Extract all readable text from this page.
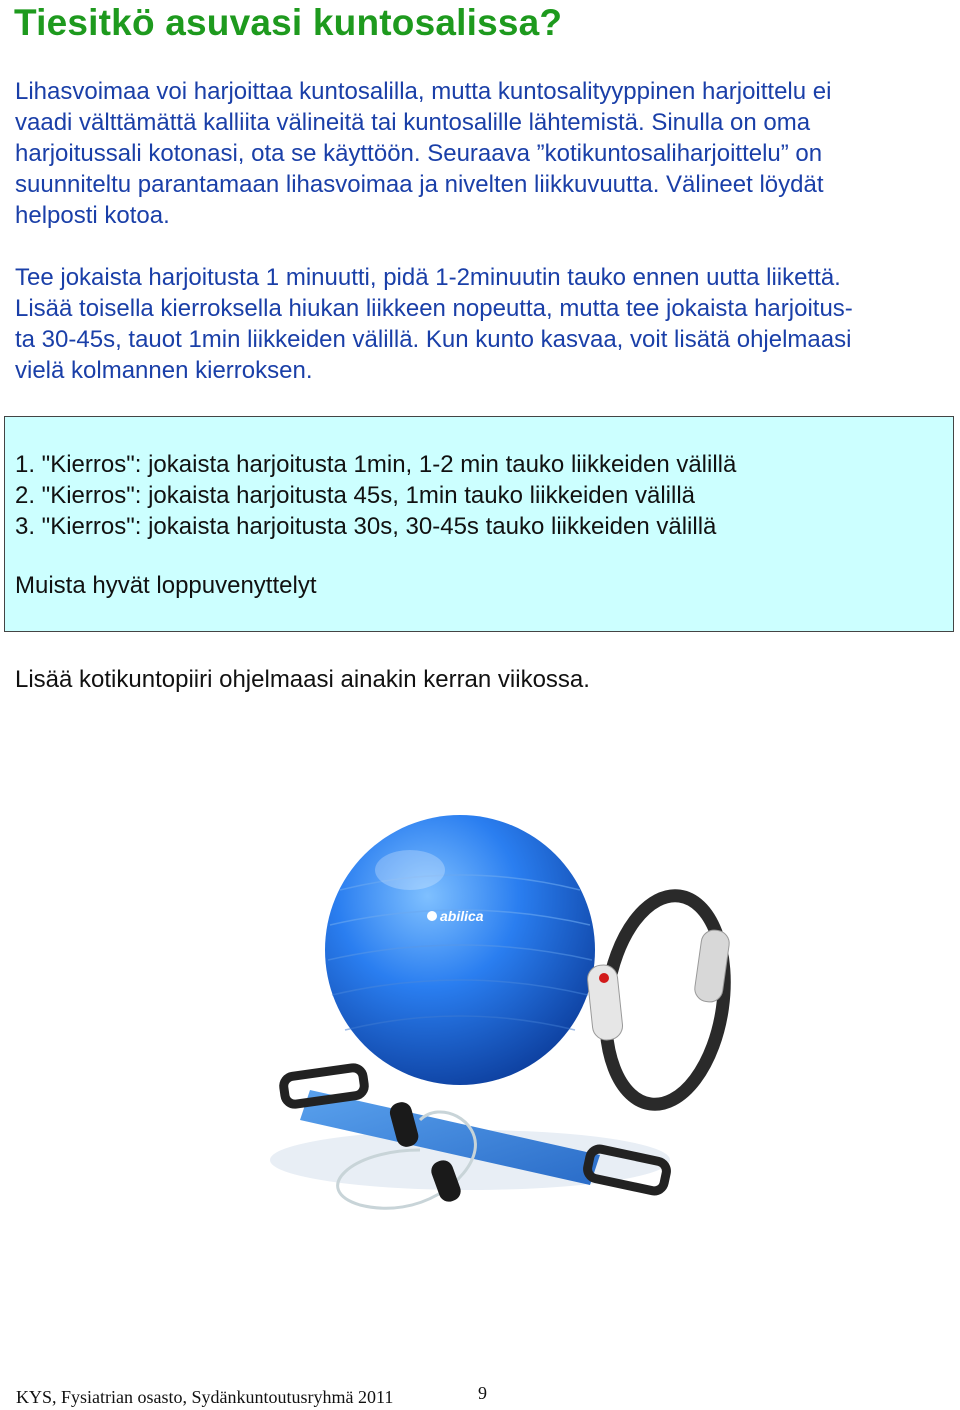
Tiesitkö asuvasi kuntosalissa?

Lihasvoimaa voi harjoittaa kuntosalilla, mutta kuntosalityyppinen harjoittelu ei
vaadi välttämättä kalliita välineitä tai kuntosalille lähtemistä. Sinulla on oma
harjoitussali kotonasi, ota se käyttöön. Seuraava ”kotikuntosaliharjoittelu” on
suunniteltu parantamaan lihasvoimaa ja nivelten liikkuvuutta. Välineet löydät
helposti kotoa.

Tee jokaista harjoitusta 1 minuutti, pidä 1-2minuutin tauko ennen uutta liikettä.
Lisää toisella kierroksella hiukan liikkeen nopeutta, mutta tee jokaista harjoitus-
ta 30-45s, tauot 1min liikkeiden välillä. Kun kunto kasvaa, voit lisätä ohjelmaasi
vielä kolmannen kierroksen.

1. "Kierros": jokaista harjoitusta 1min, 1-2 min tauko liikkeiden välillä
2. "Kierros": jokaista harjoitusta 45s, 1min tauko liikkeiden välillä
3. "Kierros": jokaista harjoitusta 30s, 30-45s tauko liikkeiden välillä
Muista hyvät loppuvenyttelyt

Lisää kotikuntopiiri ohjelmaasi ainakin kerran viikossa.

abilica
KYS, Fysiatrian osasto, Sydänkuntoutusryhmä 2011	9
